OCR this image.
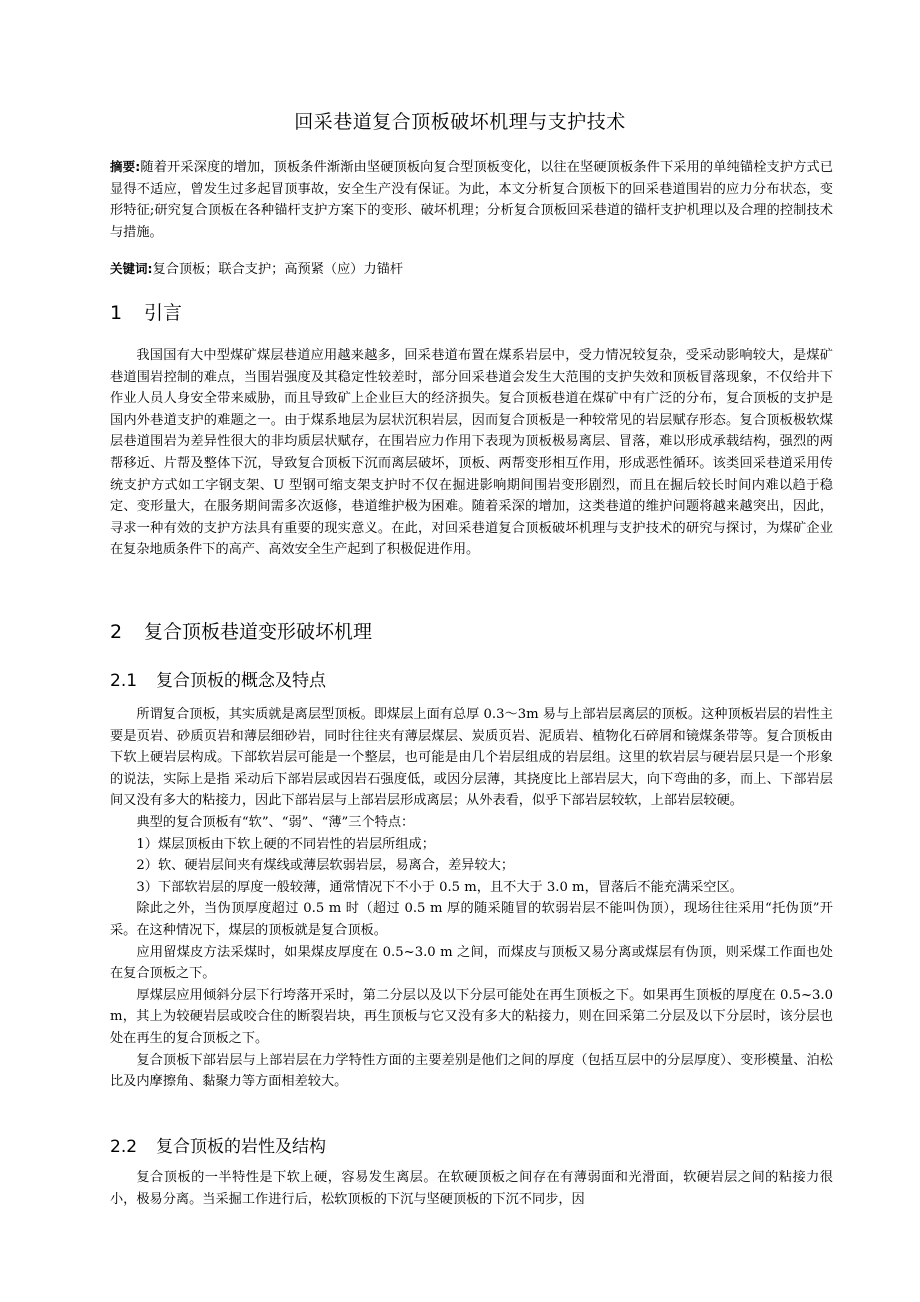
回采巷道复合顶板破坏机理与支护技术
摘要:随着开采深度的增加，顶板条件渐渐由坚硬顶板向复合型顶板变化，以往在坚硬顶板条件下采用的单纯锚栓支护方式已显得不适应，曾发生过多起冒顶事故，安全生产没有保证。为此，本文分析复合顶板下的回采巷道围岩的应力分布状态，变形特征;研究复合顶板在各种锚杆支护方案下的变形、破坏机理；分析复合顶板回采巷道的锚杆支护机理以及合理的控制技术与措施。
关键词:复合顶板；联合支护；高预紧（应）力锚杆
1 引言

我国国有大中型煤矿煤层巷道应用越来越多，回采巷道布置在煤系岩层中，受力情况较复杂，受采动影响较大，是煤矿巷道围岩控制的难点，当围岩强度及其稳定性较差时，部分回采巷道会发生大范围的支护失效和顶板冒落现象，不仅给井下作业人员人身安全带来威胁，而且导致矿上企业巨大的经济损失。复合顶板巷道在煤矿中有广泛的分布，复合顶板的支护是国内外巷道支护的难题之一。由于煤系地层为层状沉积岩层，因而复合顶板是一种较常见的岩层赋存形态。复合顶板极软煤层巷道围岩为差异性很大的非均质层状赋存，在围岩应力作用下表现为顶板极易离层、冒落，难以形成承载结构，强烈的两帮移近、片帮及整体下沉，导致复合顶板下沉而离层破坏，顶板、两帮变形相互作用，形成恶性循环。该类回采巷道采用传统支护方式如工字钢支架、U 型钢可缩支架支护时不仅在掘进影响期间围岩变形剧烈，而且在掘后较长时间内难以趋于稳定、变形量大，在服务期间需多次返修，巷道维护极为困难。随着采深的增加，这类巷道的维护问题将越来越突出，因此，寻求一种有效的支护方法具有重要的现实意义。在此，对回采巷道复合顶板破坏机理与支护技术的研究与探讨，为煤矿企业在复杂地质条件下的高产、高效安全生产起到了积极促进作用。

2 复合顶板巷道变形破坏机理
2.1 复合顶板的概念及特点

所谓复合顶板，其实质就是离层型顶板。即煤层上面有总厚 0.3～3m 易与上部岩层离层的顶板。这种顶板岩层的岩性主要是页岩、砂质页岩和薄层细砂岩，同时往往夹有薄层煤层、炭质页岩、泥质岩、植物化石碎屑和镜煤条带等。复合顶板由下软上硬岩层构成。下部软岩层可能是一个整层，也可能是由几个岩层组成的岩层组。这里的软岩层与硬岩层只是一个形象的说法，实际上是指 采动后下部岩层或因岩石强度低，或因分层薄，其挠度比上部岩层大，向下弯曲的多，而上、下部岩层间又没有多大的粘接力，因此下部岩层与上部岩层形成离层；从外表看，似乎下部岩层较软，上部岩层较硬。

典型的复合顶板有“软”、“弱”、“薄”三个特点：

1）煤层顶板由下软上硬的不同岩性的岩层所组成；

2）软、硬岩层间夹有煤线或薄层软弱岩层，易离合，差异较大；

3）下部软岩层的厚度一般较薄，通常情况下不小于 0.5 m，且不大于 3.0 m，冒落后不能充满采空区。

除此之外，当伪顶厚度超过 0.5 m 时（超过 0.5 m 厚的随采随冒的软弱岩层不能叫伪顶），现场往往采用“托伪顶”开采。在这种情况下，煤层的顶板就是复合顶板。

应用留煤皮方法采煤时，如果煤皮厚度在 0.5~3.0 m 之间，而煤皮与顶板又易分离或煤层有伪顶，则采煤工作面也处在复合顶板之下。

厚煤层应用倾斜分层下行垮落开采时，第二分层以及以下分层可能处在再生顶板之下。如果再生顶板的厚度在 0.5~3.0 m，其上为较硬岩层或咬合住的断裂岩块，再生顶板与它又没有多大的粘接力，则在回采第二分层及以下分层时，该分层也处在再生的复合顶板之下。

复合顶板下部岩层与上部岩层在力学特性方面的主要差别是他们之间的厚度（包括互层中的分层厚度）、变形模量、泊松比及内摩擦角、黏聚力等方面相差较大。

2.2 复合顶板的岩性及结构

复合顶板的一半特性是下软上硬，容易发生离层。在软硬顶板之间存在有薄弱面和光滑面，软硬岩层之间的粘接力很小，极易分离。当采掘工作进行后，松软顶板的下沉与坚硬顶板的下沉不同步，因
